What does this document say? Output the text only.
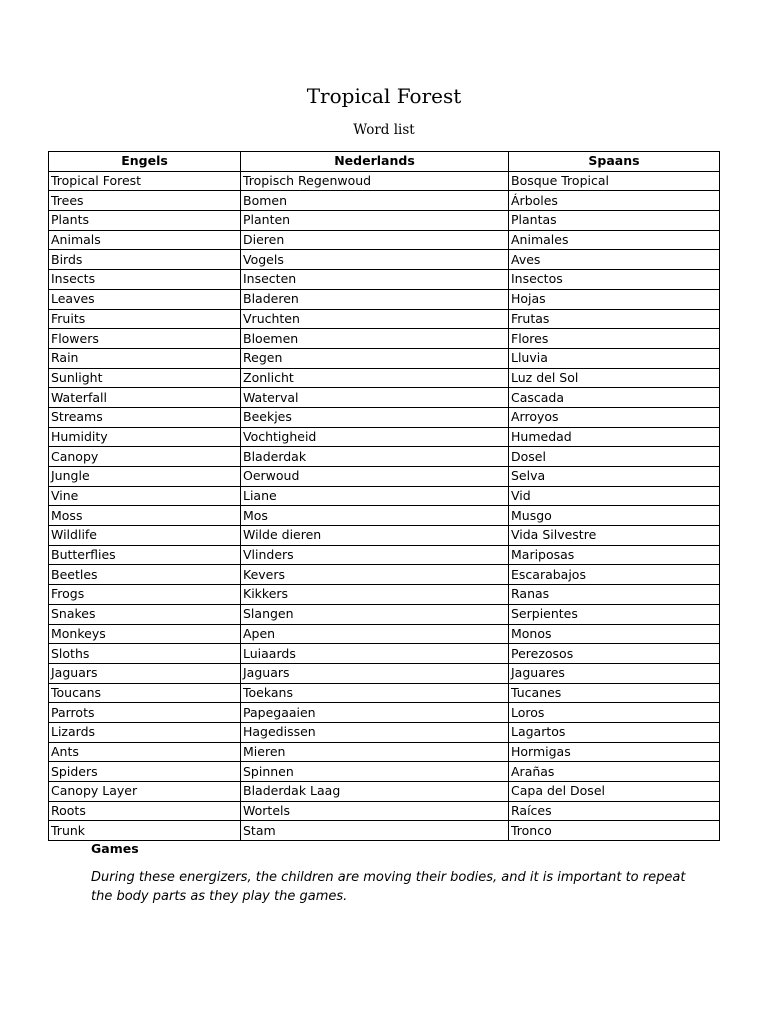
Tropical Forest
Word list
Engels	Nederlands	Spaans
Tropical Forest	Tropisch Regenwoud	Bosque Tropical
Trees	Bomen	Árboles
Plants	Planten	Plantas
Animals	Dieren	Animales
Birds	Vogels	Aves
Insects	Insecten	Insectos
Leaves	Bladeren	Hojas
Fruits	Vruchten	Frutas
Flowers	Bloemen	Flores
Rain	Regen	Lluvia
Sunlight	Zonlicht	Luz del Sol
Waterfall	Waterval	Cascada
Streams	Beekjes	Arroyos
Humidity	Vochtigheid	Humedad
Canopy	Bladerdak	Dosel
Jungle	Oerwoud	Selva
Vine	Liane	Vid
Moss	Mos	Musgo
Wildlife	Wilde dieren	Vida Silvestre
Butterflies	Vlinders	Mariposas
Beetles	Kevers	Escarabajos
Frogs	Kikkers	Ranas
Snakes	Slangen	Serpientes
Monkeys	Apen	Monos
Sloths	Luiaards	Perezosos
Jaguars	Jaguars	Jaguares
Toucans	Toekans	Tucanes
Parrots	Papegaaien	Loros
Lizards	Hagedissen	Lagartos
Ants	Mieren	Hormigas
Spiders	Spinnen	Arañas
Canopy Layer	Bladerdak Laag	Capa del Dosel
Roots	Wortels	Raíces
Trunk	Stam	Tronco
Games
During these energizers, the children are moving their bodies, and it is important to repeat the body parts as they play the games.
